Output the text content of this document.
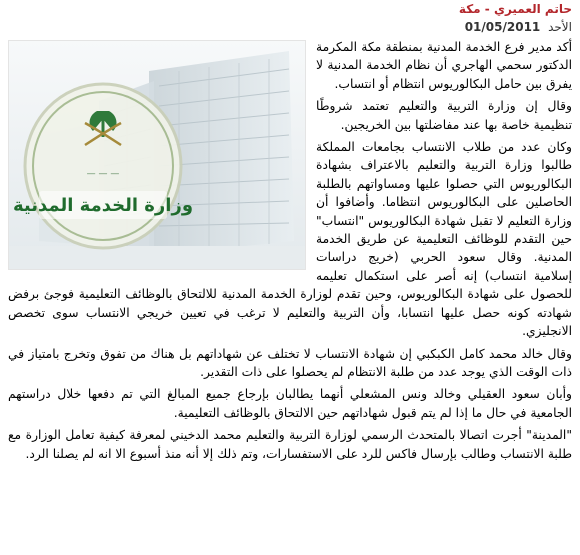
حاتم العميري - مكة
الأحد 01/05/2011
— — —
وزارة الخدمة المدنية

أكد مدير فرع الخدمة المدنية بمنطقة مكة المكرمة الدكتور سحمي الهاجري أن نظام الخدمة المدنية لا يفرق بين حامل البكالوريوس انتظام أو انتساب.

وقال إن وزارة التربية والتعليم تعتمد شروطًا تنظيمية خاصة بها عند مفاضلتها بين الخريجين.

وكان عدد من طلاب الانتساب بجامعات المملكة طالبوا وزارة التربية والتعليم بالاعتراف بشهادة البكالوريوس التي حصلوا عليها ومساواتهم بالطلبة الحاصلين على البكالوريوس انتظاما. وأضافوا أن وزارة التعليم لا تقبل شهادة البكالوريوس "انتساب" حين التقدم للوظائف التعليمية عن طريق الخدمة المدنية. وقال سعود الحربي (خريج دراسات إسلامية انتساب) إنه أصر على استكمال تعليمه للحصول على شهادة البكالوريوس، وحين تقدم لوزارة الخدمة المدنية للالتحاق بالوظائف التعليمية فوجئ برفض شهادته كونه حصل عليها انتسابا، وأن التربية والتعليم لا ترغب في تعيين خريجي الانتساب سوى تخصص الانجليزي.

وقال خالد محمد كامل الكبكبي إن شهادة الانتساب لا تختلف عن شهاداتهم بل هناك من تفوق وتخرج بامتياز في ذات الوقت الذي يوجد عدد من طلبة الانتظام لم يحصلوا على ذات التقدير.

وأبان سعود العقيلي وخالد ونس المشعلي أنهما يطالبان بإرجاع جميع المبالغ التي تم دفعها خلال دراستهم الجامعية في حال ما إذا لم يتم قبول شهاداتهم حين الالتحاق بالوظائف التعليمية.

"المدينة" أجرت اتصالا بالمتحدث الرسمي لوزارة التربية والتعليم محمد الدخيني لمعرفة كيفية تعامل الوزارة مع طلبة الانتساب وطالب بإرسال فاكس للرد على الاستفسارات، وتم ذلك إلا أنه منذ أسبوع الا انه لم يصلنا الرد.
